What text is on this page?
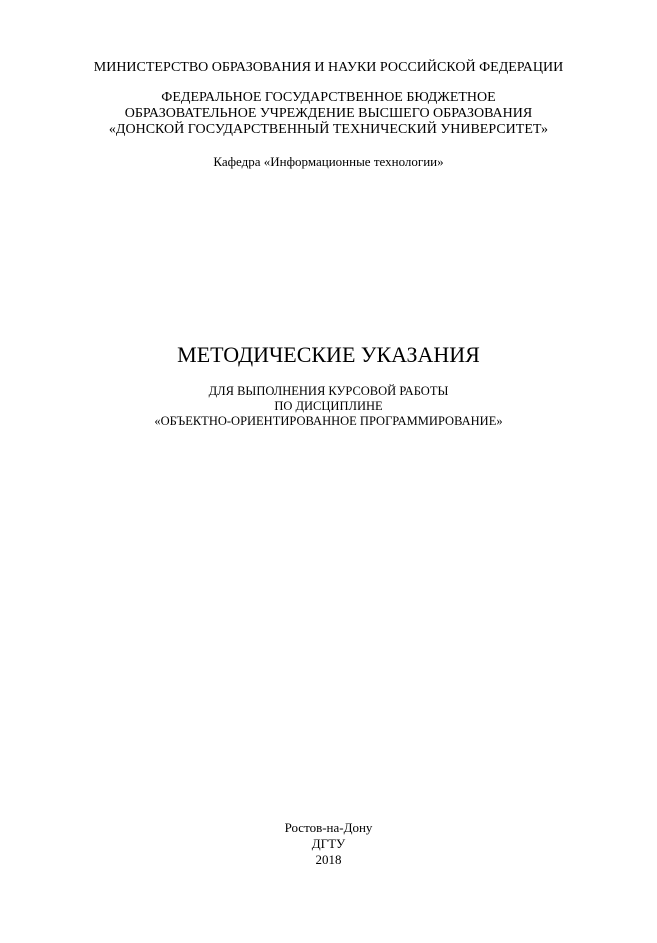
МИНИСТЕРСТВО ОБРАЗОВАНИЯ И НАУКИ РОССИЙСКОЙ ФЕДЕРАЦИИ
ФЕДЕРАЛЬНОЕ ГОСУДАРСТВЕННОЕ БЮДЖЕТНОЕ
ОБРАЗОВАТЕЛЬНОЕ УЧРЕЖДЕНИЕ ВЫСШЕГО ОБРАЗОВАНИЯ
«ДОНСКОЙ ГОСУДАРСТВЕННЫЙ ТЕХНИЧЕСКИЙ УНИВЕРСИТЕТ»
Кафедра «Информационные технологии»
МЕТОДИЧЕСКИЕ УКАЗАНИЯ
ДЛЯ ВЫПОЛНЕНИЯ КУРСОВОЙ РАБОТЫ
ПО ДИСЦИПЛИНЕ
«ОБЪЕКТНО-ОРИЕНТИРОВАННОЕ ПРОГРАММИРОВАНИЕ»
Ростов-на-Дону
ДГТУ
2018
